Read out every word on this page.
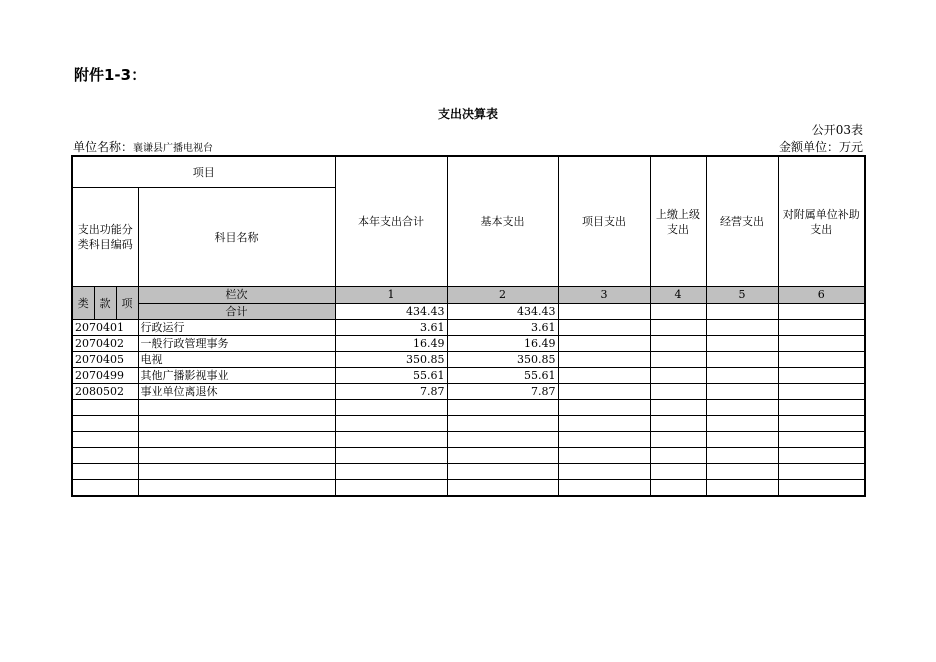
附件1-3：
支出决算表
公开03表
单位名称：襄谦县广播电视台	金额单位：万元
项目				本年支出合计	基本支出	项目支出	上缴上级支出	经营支出	对附属单位补助支出
支出功能分类科目编码			科目名称						
类	款	项	栏次	1	2	3	4	5	6
			合计	434.43	434.43				
2070401			行政运行	3.61	3.61				
2070402			一般行政管理事务	16.49	16.49				
2070405			电视	350.85	350.85				
2070499			其他广播影视事业	55.61	55.61				
2080502			事业单位离退休	7.87	7.87				
